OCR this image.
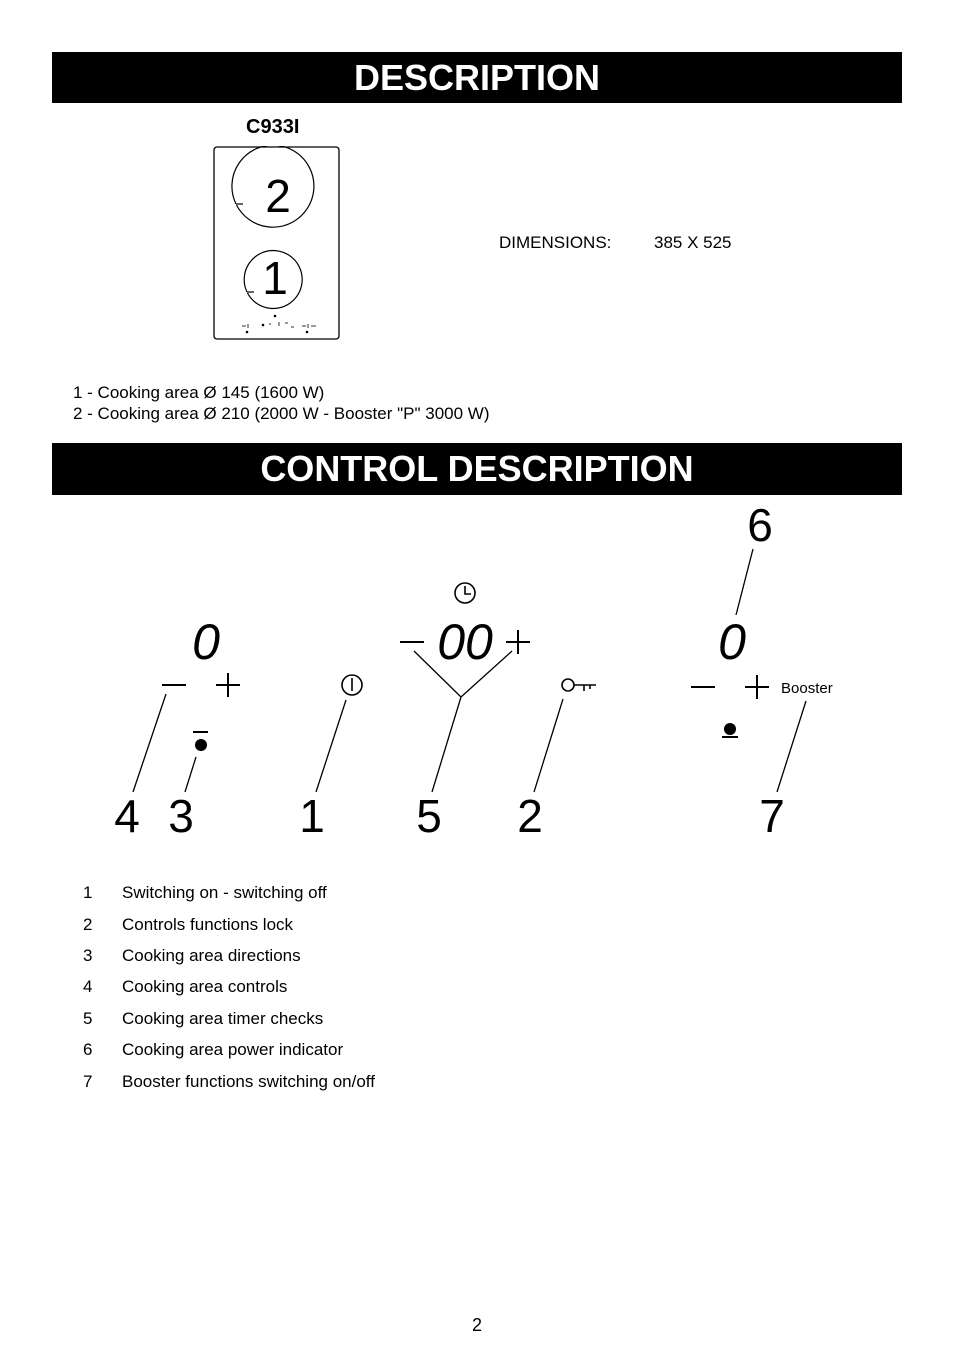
DESCRIPTION
C933I
2
1
DIMENSIONS:	385 X 525
1 - Cooking area Ø 145 (1600 W)
2 - Cooking area Ø 210 (2000 W - Booster "P" 3000 W)
CONTROL DESCRIPTION
0	00	0
Booster
4 3 1 5 2	7
6
1	Switching on - switching off
2	Controls functions lock
3	Cooking area directions
4	Cooking area controls
5	Cooking area timer checks
6	Cooking area power indicator
7	Booster functions switching on/off
2
